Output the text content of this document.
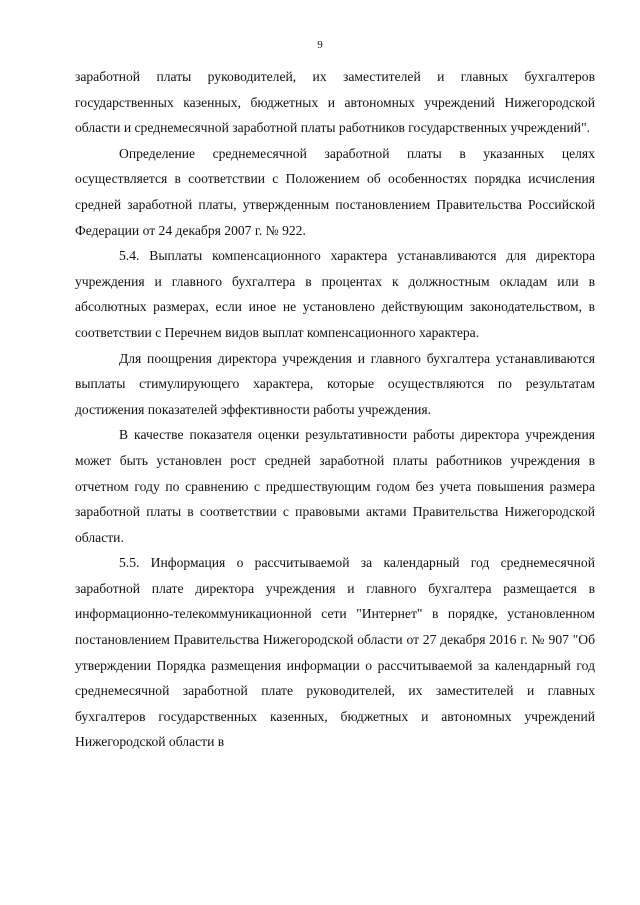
9

заработной платы руководителей, их заместителей и главных бухгалтеров государственных казенных, бюджетных и автономных учреждений Нижегородской области и среднемесячной заработной платы работников государственных учреждений".

Определение среднемесячной заработной платы в указанных целях осуществляется в соответствии с Положением об особенностях порядка исчисления средней заработной платы, утвержденным постановлением Правительства Российской Федерации от 24 декабря 2007 г. № 922.

5.4. Выплаты компенсационного характера устанавливаются для директора учреждения и главного бухгалтера в процентах к должностным окладам или в абсолютных размерах, если иное не установлено действующим законодательством, в соответствии с Перечнем видов выплат компенсационного характера.

Для поощрения директора учреждения и главного бухгалтера устанавливаются выплаты стимулирующего характера, которые осуществляются по результатам достижения показателей эффективности работы учреждения.

В качестве показателя оценки результативности работы директора учреждения может быть установлен рост средней заработной платы работников учреждения в отчетном году по сравнению с предшествующим годом без учета повышения размера заработной платы в соответствии с правовыми актами Правительства Нижегородской области.

5.5. Информация о рассчитываемой за календарный год среднемесячной заработной плате директора учреждения и главного бухгалтера размещается в информационно-телекоммуникационной сети "Интернет" в порядке, установленном постановлением Правительства Нижегородской области от 27 декабря 2016 г. № 907 "Об утверждении Порядка размещения информации о рассчитываемой за календарный год среднемесячной заработной плате руководителей, их заместителей и главных бухгалтеров государственных казенных, бюджетных и автономных учреждений Нижегородской области в
